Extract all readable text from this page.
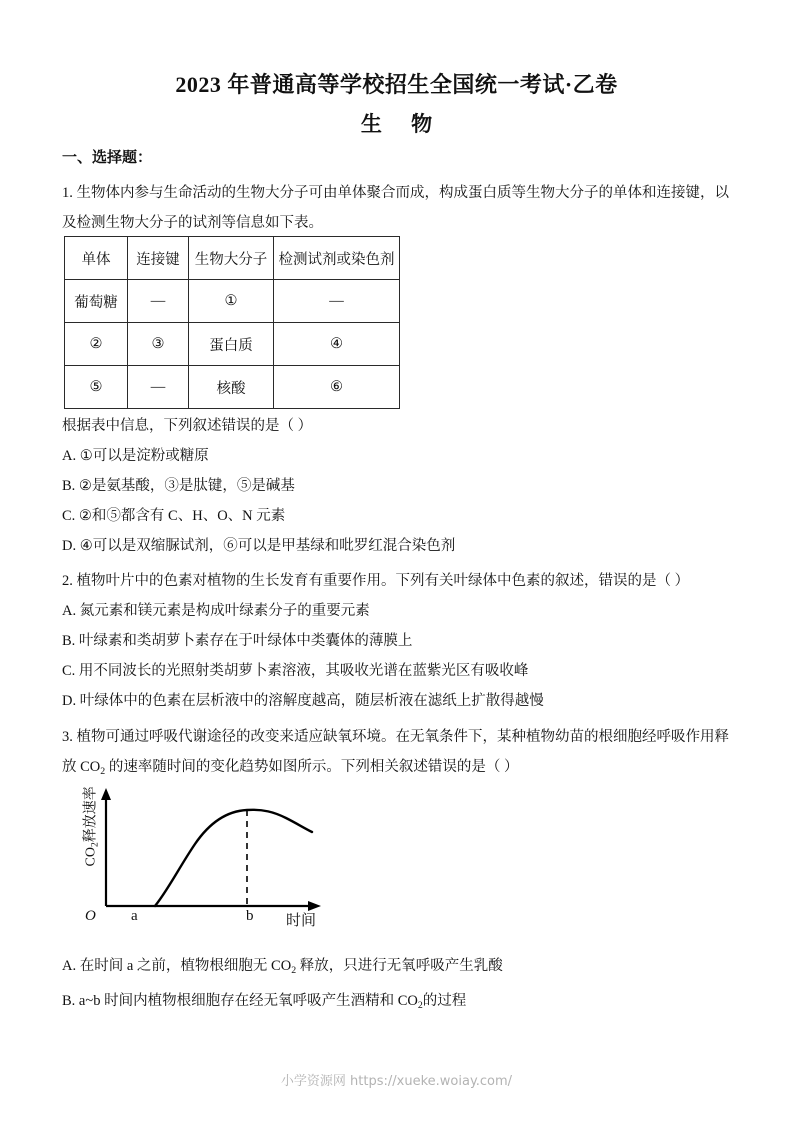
2023 年普通高等学校招生全国统一考试·乙卷
生 物
一、选择题：
1. 生物体内参与生命活动的生物大分子可由单体聚合而成，构成蛋白质等生物大分子的单体和连接键，以
及检测生物大分子的试剂等信息如下表。
单体	连接键	生物大分子	检测试剂或染色剂
葡萄糖	—	①	—
②	③	蛋白质	④
⑤	—	核酸	⑥
根据表中信息，下列叙述错误的是（ ）
A. ①可以是淀粉或糖原
B. ②是氨基酸，③是肽键，⑤是碱基
C. ②和⑤都含有 C、H、O、N 元素
D. ④可以是双缩脲试剂，⑥可以是甲基绿和吡罗红混合染色剂
2. 植物叶片中的色素对植物的生长发育有重要作用。下列有关叶绿体中色素的叙述，错误的是（ ）
A. 氮元素和镁元素是构成叶绿素分子的重要元素
B. 叶绿素和类胡萝卜素存在于叶绿体中类囊体的薄膜上
C. 用不同波长的光照射类胡萝卜素溶液，其吸收光谱在蓝紫光区有吸收峰
D. 叶绿体中的色素在层析液中的溶解度越高，随层析液在滤纸上扩散得越慢
3. 植物可通过呼吸代谢途径的改变来适应缺氧环境。在无氧条件下，某种植物幼苗的根细胞经呼吸作用释
放 $CO_2$ 的速率随时间的变化趋势如图所示。下列相关叙述错误的是（ ）
$CO_2$释放速率
O a	b 时间
A. 在时间 a 之前，植物根细胞无 $CO_2$ 释放，只进行无氧呼吸产生乳酸
B. a~b 时间内植物根细胞存在经无氧呼吸产生酒精和 $CO_2$的过程
小学资源网 https://xueke.woiay.com/
